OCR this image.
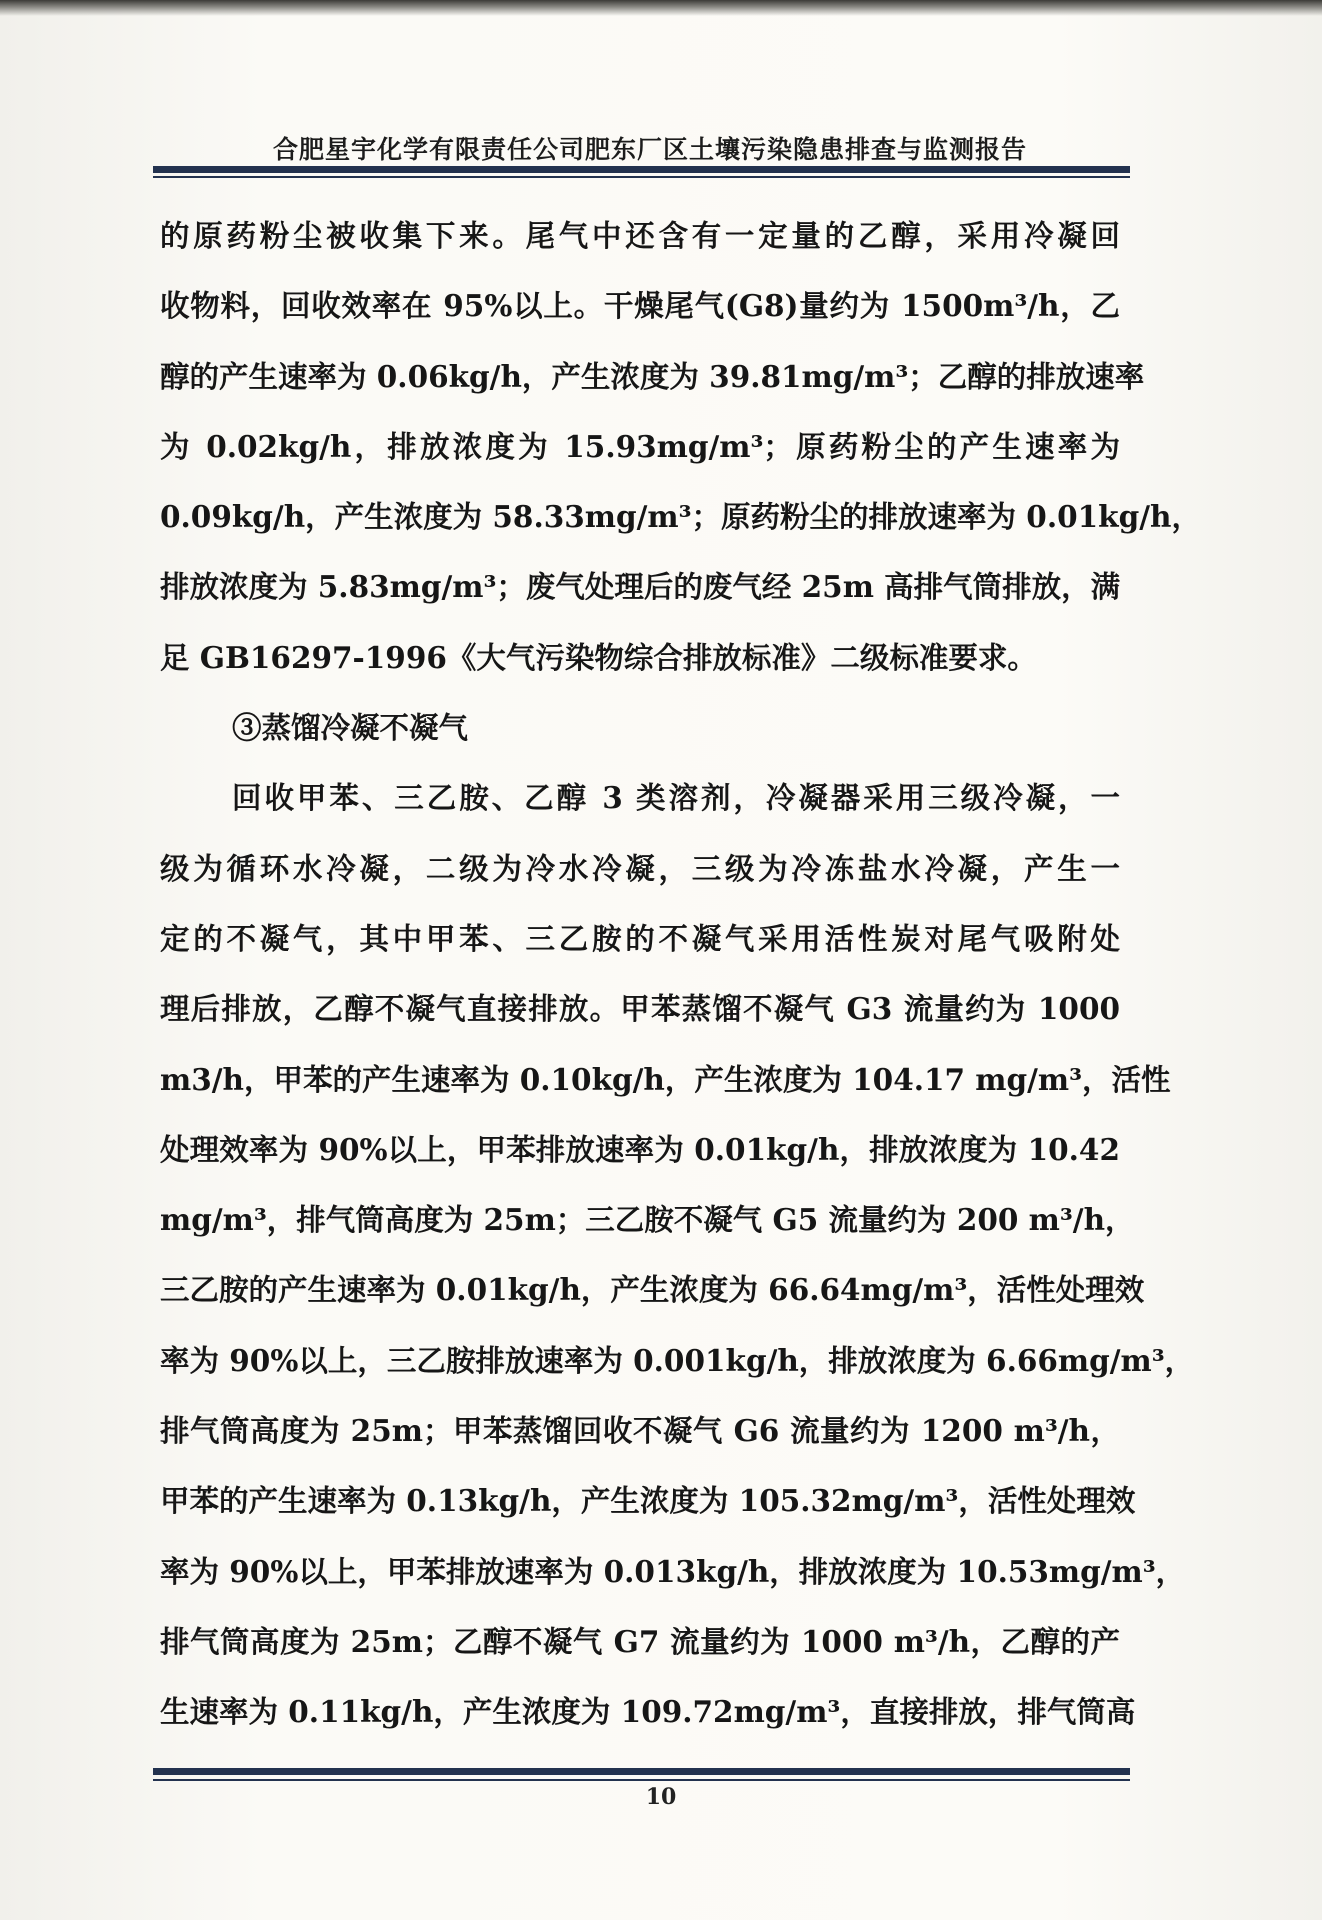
合肥星宇化学有限责任公司肥东厂区土壤污染隐患排查与监测报告
的原药粉尘被收集下来。尾气中还含有一定量的乙醇，采用冷凝回
收物料，回收效率在 95%以上。干燥尾气(G8)量约为 1500m³/h，乙
醇的产生速率为 0.06kg/h，产生浓度为 39.81mg/m³；乙醇的排放速率
为 0.02kg/h，排放浓度为 15.93mg/m³；原药粉尘的产生速率为
0.09kg/h，产生浓度为 58.33mg/m³；原药粉尘的排放速率为 0.01kg/h，
排放浓度为 5.83mg/m³；废气处理后的废气经 25m 高排气筒排放，满
足 GB16297-1996《大气污染物综合排放标准》二级标准要求。
③蒸馏冷凝不凝气
回收甲苯、三乙胺、乙醇 3 类溶剂，冷凝器采用三级冷凝，一
级为循环水冷凝，二级为冷水冷凝，三级为冷冻盐水冷凝，产生一
定的不凝气，其中甲苯、三乙胺的不凝气采用活性炭对尾气吸附处
理后排放，乙醇不凝气直接排放。甲苯蒸馏不凝气 G3 流量约为 1000
m3/h，甲苯的产生速率为 0.10kg/h，产生浓度为 104.17 mg/m³，活性
处理效率为 90%以上，甲苯排放速率为 0.01kg/h，排放浓度为 10.42
mg/m³，排气筒高度为 25m；三乙胺不凝气 G5 流量约为 200 m³/h，
三乙胺的产生速率为 0.01kg/h，产生浓度为 66.64mg/m³，活性处理效
率为 90%以上，三乙胺排放速率为 0.001kg/h，排放浓度为 6.66mg/m³，
排气筒高度为 25m；甲苯蒸馏回收不凝气 G6 流量约为 1200 m³/h，
甲苯的产生速率为 0.13kg/h，产生浓度为 105.32mg/m³，活性处理效
率为 90%以上，甲苯排放速率为 0.013kg/h，排放浓度为 10.53mg/m³，
排气筒高度为 25m；乙醇不凝气 G7 流量约为 1000 m³/h，乙醇的产
生速率为 0.11kg/h，产生浓度为 109.72mg/m³，直接排放，排气筒高
10
